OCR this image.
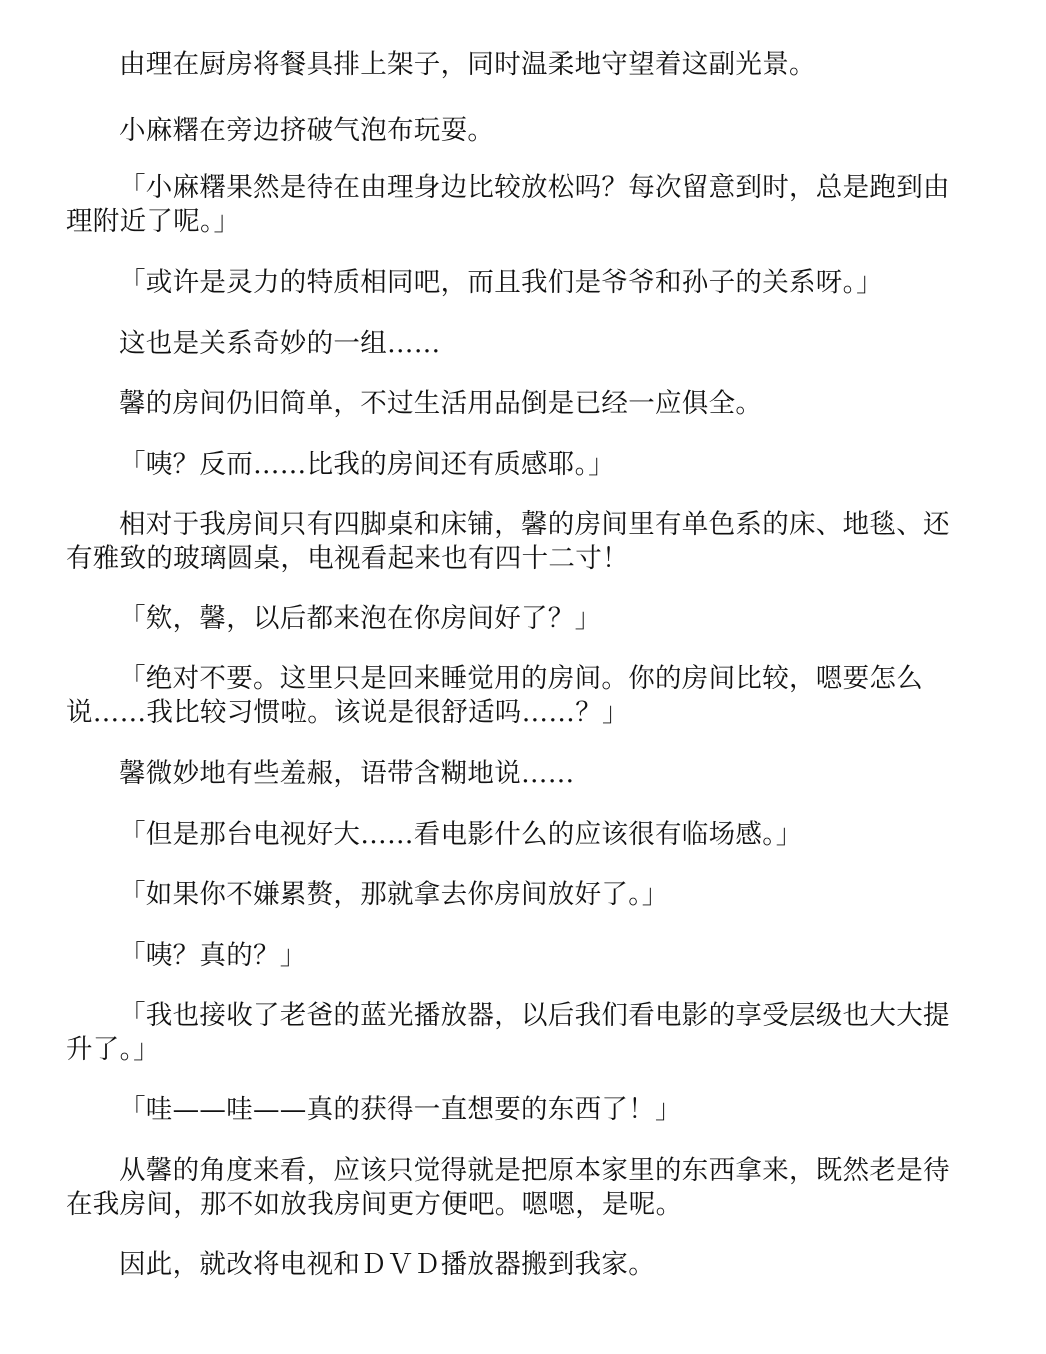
由理在厨房将餐具排上架子，同时温柔地守望着这副光景。

小麻糬在旁边挤破气泡布玩耍。

「小麻糬果然是待在由理身边比较放松吗？每次留意到时，总是跑到由理附近了呢。」

「或许是灵力的特质相同吧，而且我们是爷爷和孙子的关系呀。」

这也是关系奇妙的一组……

馨的房间仍旧简单，不过生活用品倒是已经一应俱全。

「咦？反而……比我的房间还有质感耶。」

相对于我房间只有四脚桌和床铺，馨的房间里有单色系的床、地毯、还有雅致的玻璃圆桌，电视看起来也有四十二寸！

「欸，馨，以后都来泡在你房间好了？」

「绝对不要。这里只是回来睡觉用的房间。你的房间比较，嗯要怎么说……我比较习惯啦。该说是很舒适吗……？」

馨微妙地有些羞赧，语带含糊地说……

「但是那台电视好大……看电影什么的应该很有临场感。」

「如果你不嫌累赘，那就拿去你房间放好了。」

「咦？真的？」

「我也接收了老爸的蓝光播放器，以后我们看电影的享受层级也大大提升了。」

「哇——哇——真的获得一直想要的东西了！」

从馨的角度来看，应该只觉得就是把原本家里的东西拿来，既然老是待在我房间，那不如放我房间更方便吧。嗯嗯，是呢。

因此，就改将电视和ＤＶＤ播放器搬到我家。
